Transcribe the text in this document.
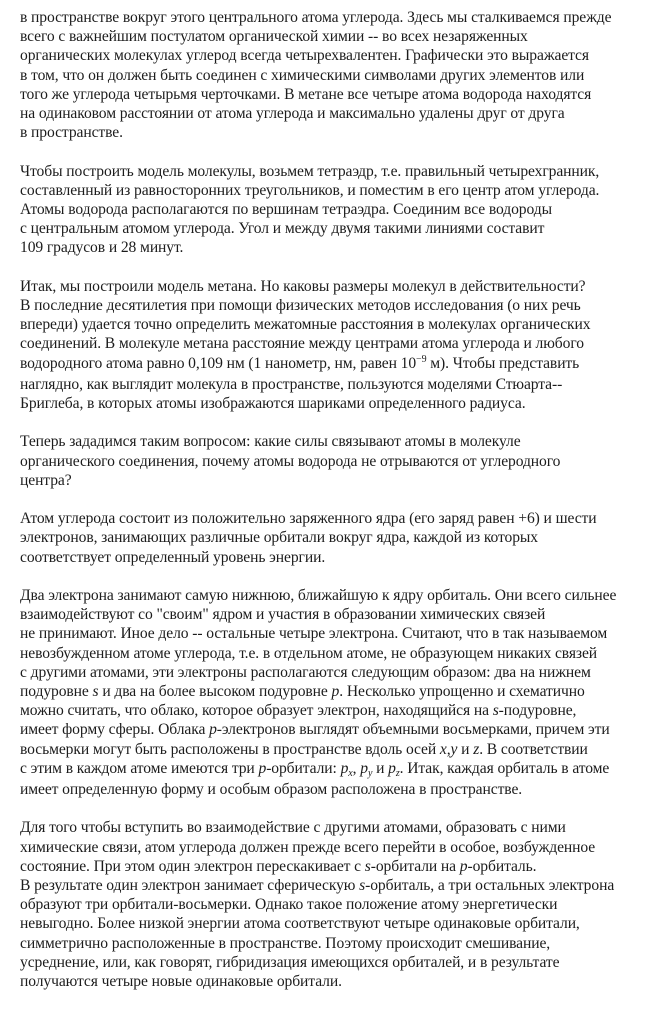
в пространстве вокруг этого центрального атома углерода. Здесь мы сталкиваемся прежде
всего с важнейшим постулатом органической химии -- во всех незаряженных
органических молекулах углерод всегда четырехвалентен. Графически это выражается
в том, что он должен быть соединен с химическими символами других элементов или
того же углерода четырьмя черточками. В метане все четыре атома водорода находятся
на одинаковом расстоянии от атома углерода и максимально удалены друг от друга
в пространстве.
Чтобы построить модель молекулы, возьмем тетраэдр, т.е. правильный четырехгранник,
составленный из равносторонних треугольников, и поместим в его центр атом углерода.
Атомы водорода располагаются по вершинам тетраэдра. Соединим все водороды
с центральным атомом углерода. Угол и между двумя такими линиями составит
109 градусов и 28 минут.
Итак, мы построили модель метана. Но каковы размеры молекул в действительности?
В последние десятилетия при помощи физических методов исследования (о них речь
впереди) удается точно определить межатомные расстояния в молекулах органических
соединений. В молекуле метана расстояние между центрами атома углерода и любого
водородного атома равно 0,109 нм (1 нанометр, нм, равен $10^{-9}$ м). Чтобы представить
наглядно, как выглядит молекула в пространстве, пользуются моделями Стюарта--
Бриглеба, в которых атомы изображаются шариками определенного радиуса.
Теперь зададимся таким вопросом: какие силы связывают атомы в молекуле
органического соединения, почему атомы водорода не отрываются от углеродного
центра?
Атом углерода состоит из положительно заряженного ядра (его заряд равен +6) и шести
электронов, занимающих различные орбитали вокруг ядра, каждой из которых
соответствует определенный уровень энергии.
Два электрона занимают самую нижнюю, ближайшую к ядру орбиталь. Они всего сильнее
взаимодействуют со "своим" ядром и участия в образовании химических связей
не принимают. Иное дело -- остальные четыре электрона. Считают, что в так называемом
невозбужденном атоме углерода, т.е. в отдельном атоме, не образующем никаких связей
с другими атомами, эти электроны располагаются следующим образом: два на нижнем
подуровне s и два на более высоком подуровне p. Несколько упрощенно и схематично
можно считать, что облако, которое образует электрон, находящийся на s-подуровне,
имеет форму сферы. Облака p-электронов выглядят объемными восьмерками, причем эти
восьмерки могут быть расположены в пространстве вдоль осей x,y и z. В соответствии
с этим в каждом атоме имеются три p-орбитали: px, py и pz. Итак, каждая орбиталь в атоме
имеет определенную форму и особым образом расположена в пространстве.
Для того чтобы вступить во взаимодействие с другими атомами, образовать с ними
химические связи, атом углерода должен прежде всего перейти в особое, возбужденное
состояние. При этом один электрон перескакивает с s-орбитали на p-орбиталь.
В результате один электрон занимает сферическую s-орбиталь, а три остальных электрона
образуют три орбитали-восьмерки. Однако такое положение атому энергетически
невыгодно. Более низкой энергии атома соответствуют четыре одинаковые орбитали,
симметрично расположенные в пространстве. Поэтому происходит смешивание,
усреднение, или, как говорят, гибридизация имеющихся орбиталей, и в результате
получаются четыре новые одинаковые орбитали.
